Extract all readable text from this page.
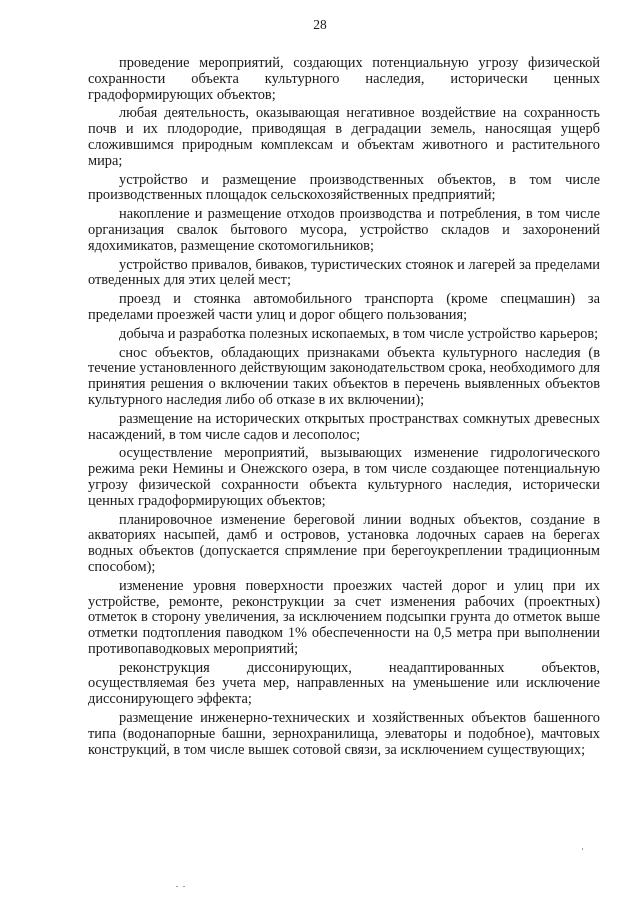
28

проведение мероприятий, создающих потенциальную угрозу физической сохранности объекта культурного наследия, исторически ценных градоформирующих объектов;

любая деятельность, оказывающая негативное воздействие на сохранность почв и их плодородие, приводящая в деградации земель, наносящая ущерб сложившимся природным комплексам и объектам животного и растительного мира;

устройство и размещение производственных объектов, в том числе производственных площадок сельскохозяйственных предприятий;

накопление и размещение отходов производства и потребления, в том числе организация свалок бытового мусора, устройство складов и захоронений ядохимикатов, размещение скотомогильников;

устройство привалов, биваков, туристических стоянок и лагерей за пределами отведенных для этих целей мест;

проезд и стоянка автомобильного транспорта (кроме спецмашин) за пределами проезжей части улиц и дорог общего пользования;

добыча и разработка полезных ископаемых, в том числе устройство карьеров;

снос объектов, обладающих признаками объекта культурного наследия (в течение установленного действующим законодательством срока, необходимого для принятия решения о включении таких объектов в перечень выявленных объектов культурного наследия либо об отказе в их включении);

размещение на исторических открытых пространствах сомкнутых древесных насаждений, в том числе садов и лесополос;

осуществление мероприятий, вызывающих изменение гидрологического режима реки Немины и Онежского озера, в том числе создающее потенциальную угрозу физической сохранности объекта культурного наследия, исторически ценных градоформирующих объектов;

планировочное изменение береговой линии водных объектов, создание в акваториях насыпей, дамб и островов, установка лодочных сараев на берегах водных объектов (допускается спрямление при берегоукреплении традиционным способом);

изменение уровня поверхности проезжих частей дорог и улиц при их устройстве, ремонте, реконструкции за счет изменения рабочих (проектных) отметок в сторону увеличения, за исключением подсыпки грунта до отметок выше отметки подтопления паводком 1% обеспеченности на 0,5 метра при выполнении противопаводковых мероприятий;

реконструкция диссонирующих, неадаптированных объектов, осуществляемая без учета мер, направленных на уменьшение или исключение диссонирующего эффекта;

размещение инженерно-технических и хозяйственных объектов башенного типа (водонапорные башни, зернохранилища, элеваторы и подобное), мачтовых конструкций, в том числе вышек сотовой связи, за исключением существующих;
